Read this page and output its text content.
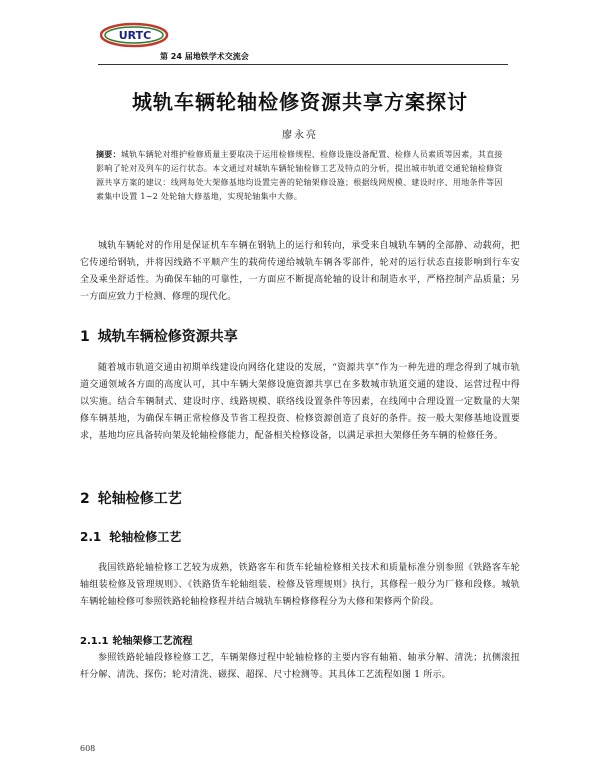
URTC
第 24 届地铁学术交流会
城轨车辆轮轴检修资源共享方案探讨
廖永亮
摘要：城轨车辆轮对维护检修质量主要取决于运用检修规程、检修设施设备配置、检修人员素质等因素，其直接影响了轮对及列车的运行状态。本文通过对城轨车辆轮轴检修工艺及特点的分析，提出城市轨道交通轮轴检修资源共享方案的建议：线网每处大架修基地均设置完善的轮轴架修设施；根据线网规模、建设时序、用地条件等因素集中设置 1~2 处轮轴大修基地，实现轮轴集中大修。

城轨车辆轮对的作用是保证机车车辆在钢轨上的运行和转向，承受来自城轨车辆的全部静、动载荷，把它传递给钢轨，并将因线路不平顺产生的载荷传递给城轨车辆各零部件，轮对的运行状态直接影响到行车安全及乘坐舒适性。为确保车轴的可靠性，一方面应不断提高轮轴的设计和制造水平，严格控制产品质量；另一方面应致力于检测、修理的现代化。

1 城轨车辆检修资源共享

随着城市轨道交通由初期单线建设向网络化建设的发展，“资源共享”作为一种先进的理念得到了城市轨道交通领域各方面的高度认可，其中车辆大架修设施资源共享已在多数城市轨道交通的建设、运营过程中得以实施。结合车辆制式、建设时序、线路规模、联络线设置条件等因素，在线网中合理设置一定数量的大架修车辆基地，为确保车辆正常检修及节省工程投资、检修资源创造了良好的条件。按一般大架修基地设置要求，基地均应具备转向架及轮轴检修能力，配备相关检修设备，以满足承担大架修任务车辆的检修任务。

2 轮轴检修工艺
2.1 轮轴检修工艺

我国铁路轮轴检修工艺较为成熟，铁路客车和货车轮轴检修相关技术和质量标准分别参照《铁路客车轮轴组装检修及管理规则》、《铁路货车轮轴组装、检修及管理规则》执行，其修程一般分为厂修和段修。城轨车辆轮轴检修可参照铁路轮轴检修程并结合城轨车辆检修修程分为大修和架修两个阶段。

2.1.1 轮轴架修工艺流程

参照铁路轮轴段修检修工艺，车辆架修过程中轮轴检修的主要内容有轴箱、轴承分解、清洗；抗侧滚扭杆分解、清洗、探伤；轮对清洗、磁探、超探、尺寸检测等。其具体工艺流程如图 1 所示。

608
